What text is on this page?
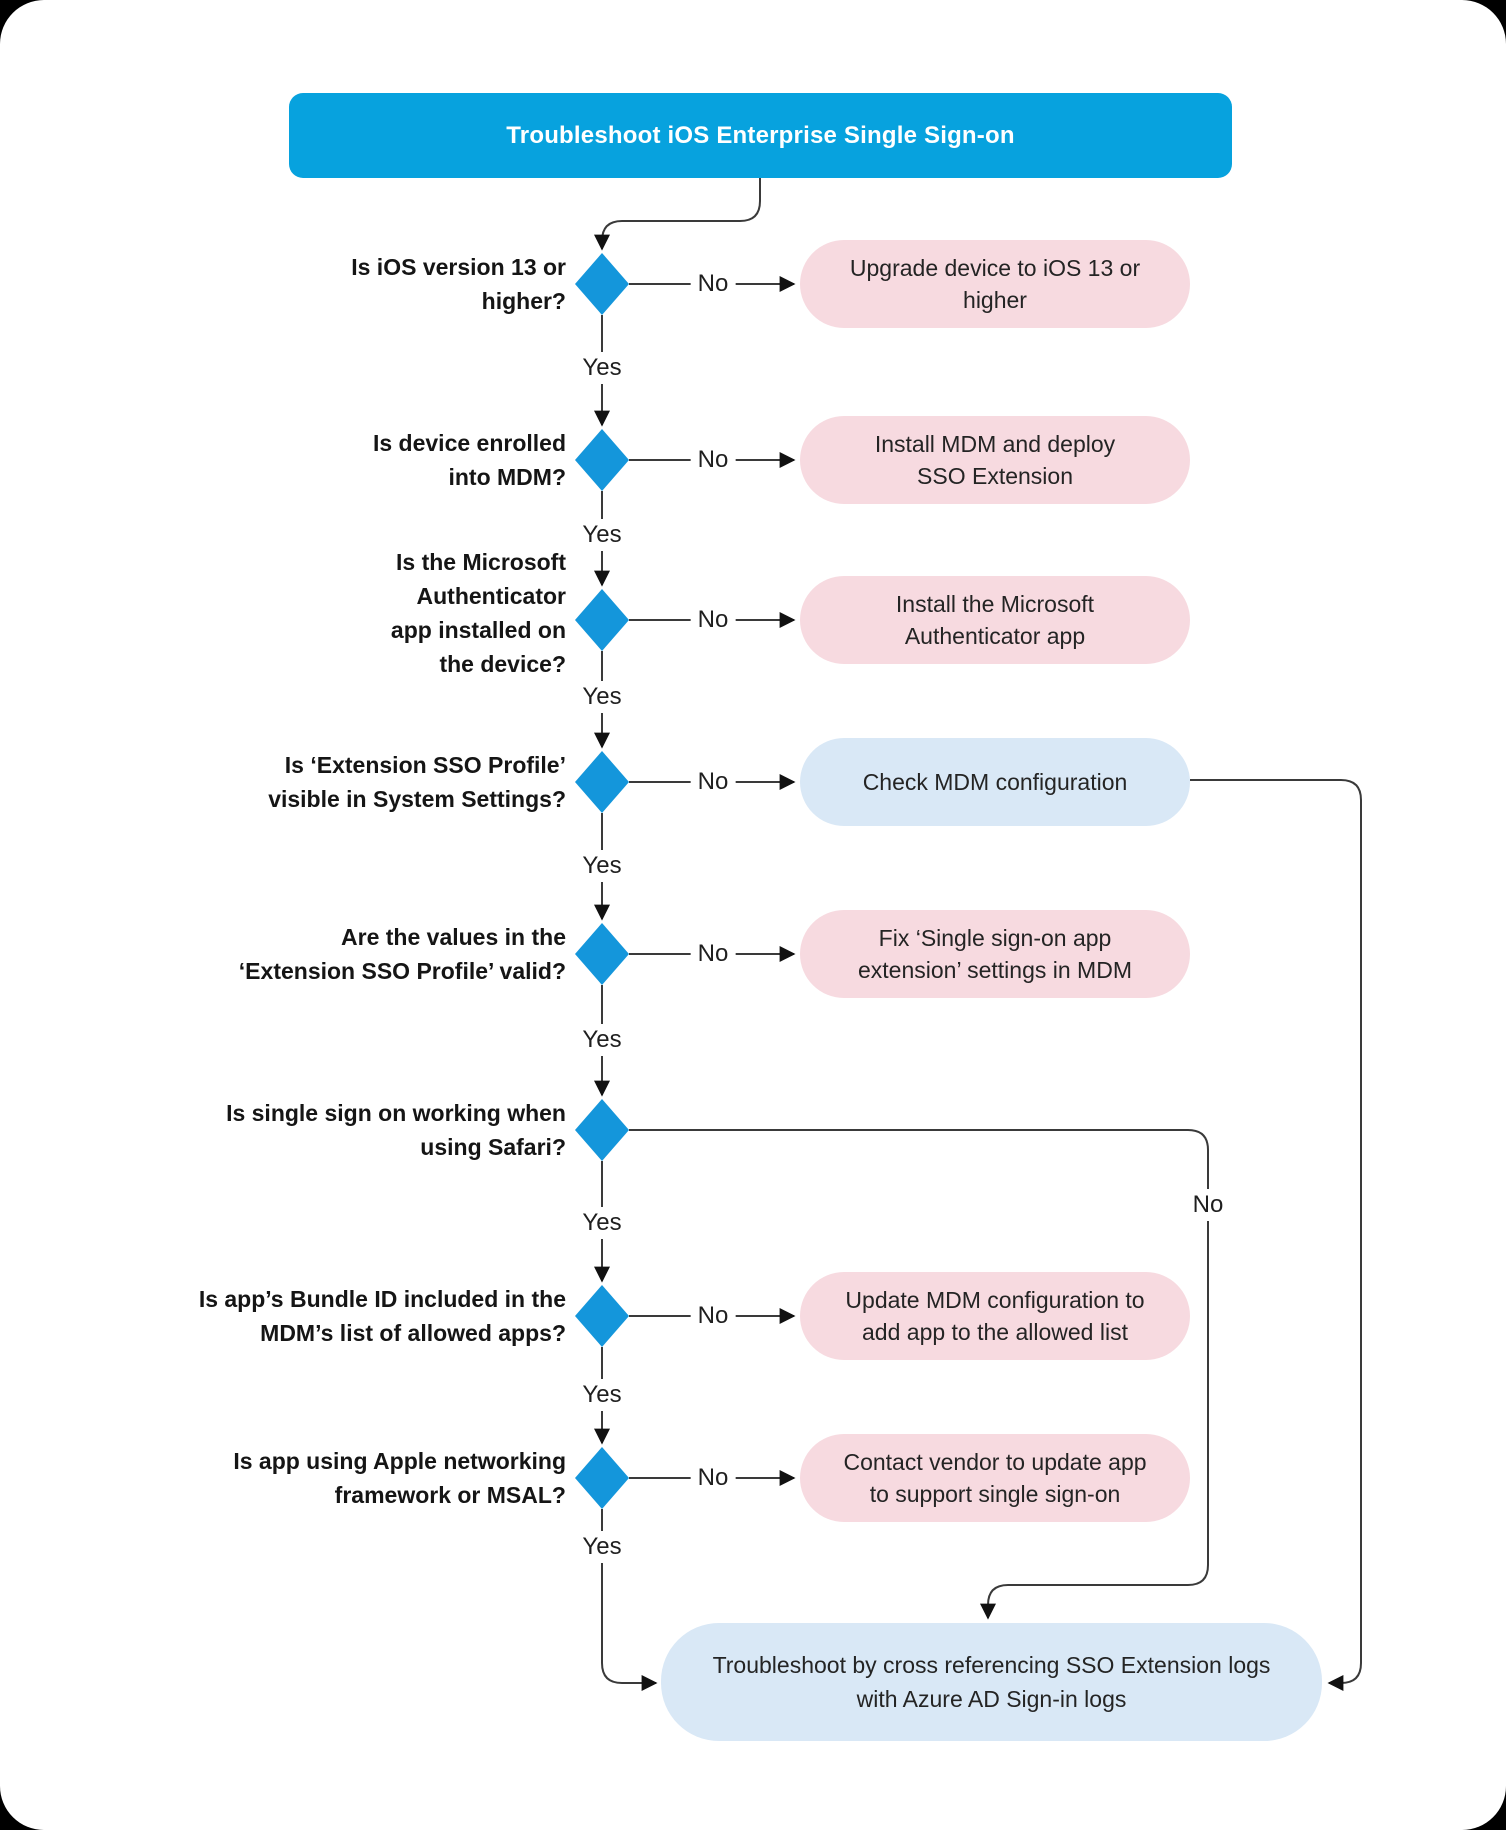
Troubleshoot iOS Enterprise Single Sign-on
Is iOS version 13 or higher?
Is device enrolled into MDM?
Is the Microsoft Authenticator app installed on the device?
Is ‘Extension SSO Profile’ visible in System Settings?
Are the values in the ‘Extension SSO Profile’ valid?
Is single sign on working when using Safari?
Is app’s Bundle ID included in the MDM’s list of allowed apps?
Is app using Apple networking framework or MSAL?
Upgrade device to iOS 13 or higher
Install MDM and deploy SSO Extension
Install the Microsoft Authenticator app
Check MDM configuration
Fix ‘Single sign-on app extension’ settings in MDM
Update MDM configuration to add app to the allowed list
Contact vendor to update app to support single sign-on
Troubleshoot by cross referencing SSO Extension logs with Azure AD Sign-in logs
Yes
Yes
Yes
Yes
Yes
Yes
Yes
Yes
No
No
No
No
No
No
No
No
